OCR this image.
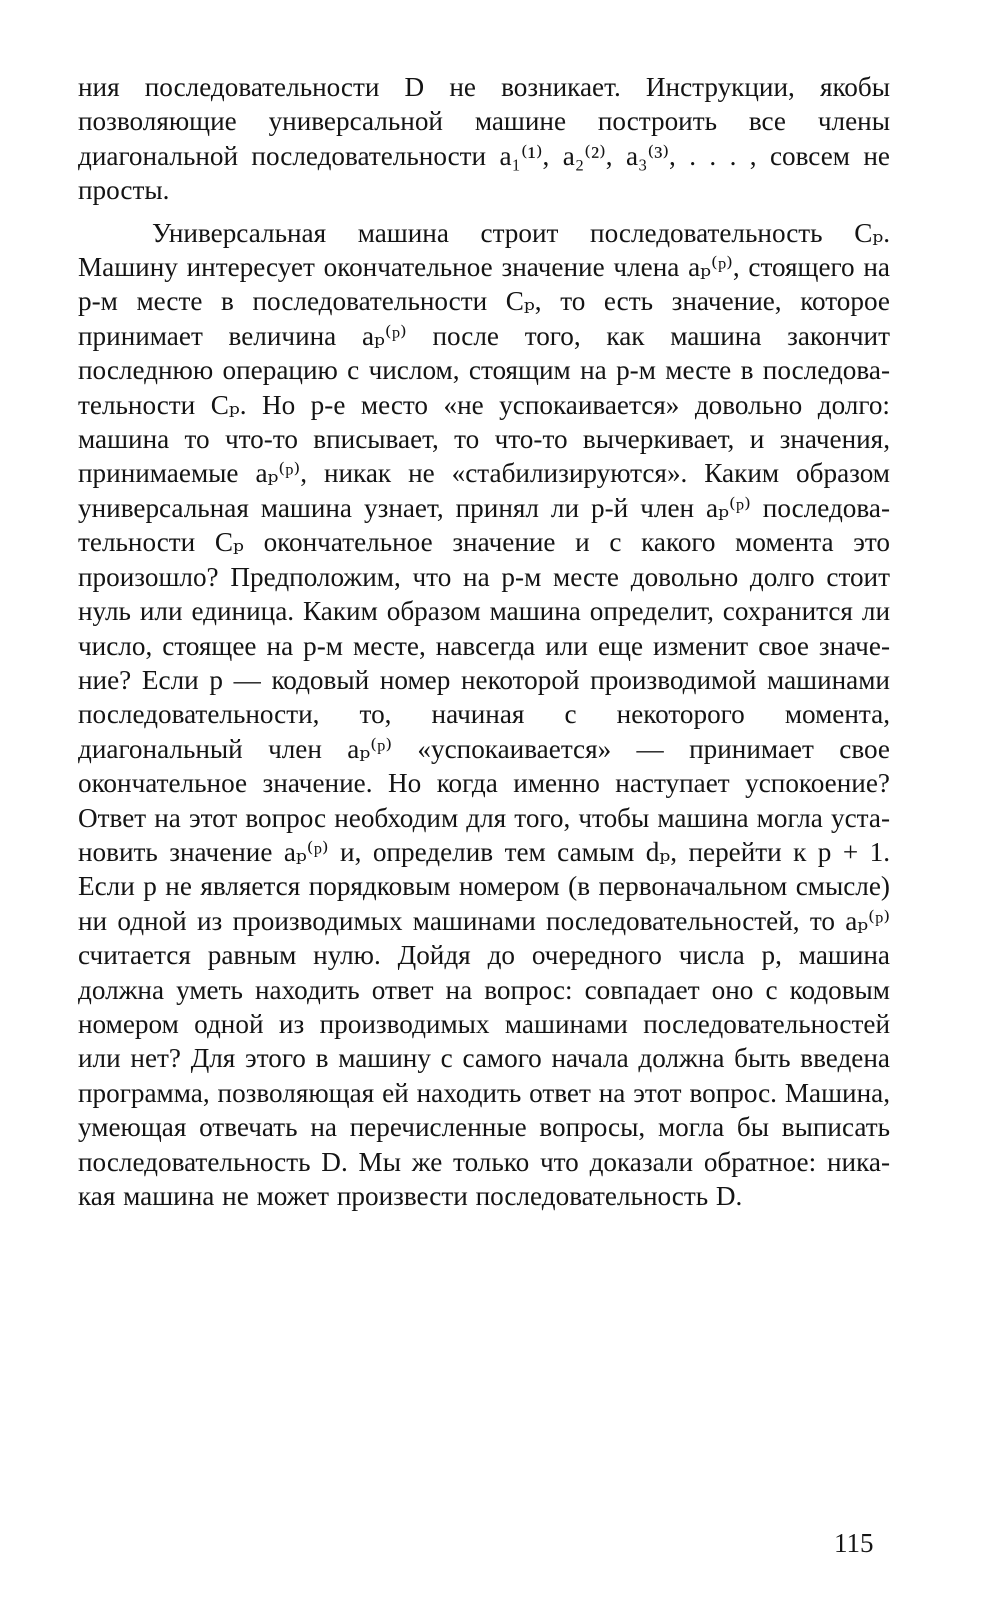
ния последовательности D не возникает. Инструкции, якобы позволяющие универсальной машине построить все члены диагональной последовательности a₁⁽¹⁾, a₂⁽²⁾, a₃⁽³⁾, . . . , совсем не просты.

Универсальная машина строит последовательность Cₚ. Машину интересует окончательное значение члена aₚ⁽ᵖ⁾, стоящего на p-м месте в последовательности Cₚ, то есть значение, которое принимает величина aₚ⁽ᵖ⁾ после того, как машина закончит последнюю операцию с числом, стоящим на p-м месте в последовательности Cₚ. Но p-е место «не успокаивается» довольно долго: машина то что-то вписывает, то что-то вычеркивает, и значения, принимаемые aₚ⁽ᵖ⁾, никак не «стабилизируются». Каким образом универсальная машина узнает, принял ли p-й член aₚ⁽ᵖ⁾ последовательности Cₚ окончательное значение и с какого момента это произошло? Предположим, что на p-м месте довольно долго стоит нуль или единица. Каким образом машина определит, сохранится ли число, стоящее на p-м месте, навсегда или еще изменит свое значение? Если p — кодовый номер некоторой производимой машинами последовательности, то, начиная с некоторого момента, диагональный член aₚ⁽ᵖ⁾ «успокаивается» — принимает свое окончательное значение. Но когда именно наступает успокоение? Ответ на этот вопрос необходим для того, чтобы машина могла установить значение aₚ⁽ᵖ⁾ и, определив тем самым dₚ, перейти к p + 1. Если p не является порядковым номером (в первоначальном смысле) ни одной из производимых машинами последовательностей, то aₚ⁽ᵖ⁾ считается равным нулю. Дойдя до очередного числа p, машина должна уметь находить ответ на вопрос: совпадает оно с кодовым номером одной из производимых машинами последовательностей или нет? Для этого в машину с самого начала должна быть введена программа, позволяющая ей находить ответ на этот вопрос. Машина, умеющая отвечать на перечисленные вопросы, могла бы выписать последовательность D. Мы же только что доказали обратное: никакая машина не может произвести последовательность D.

115
